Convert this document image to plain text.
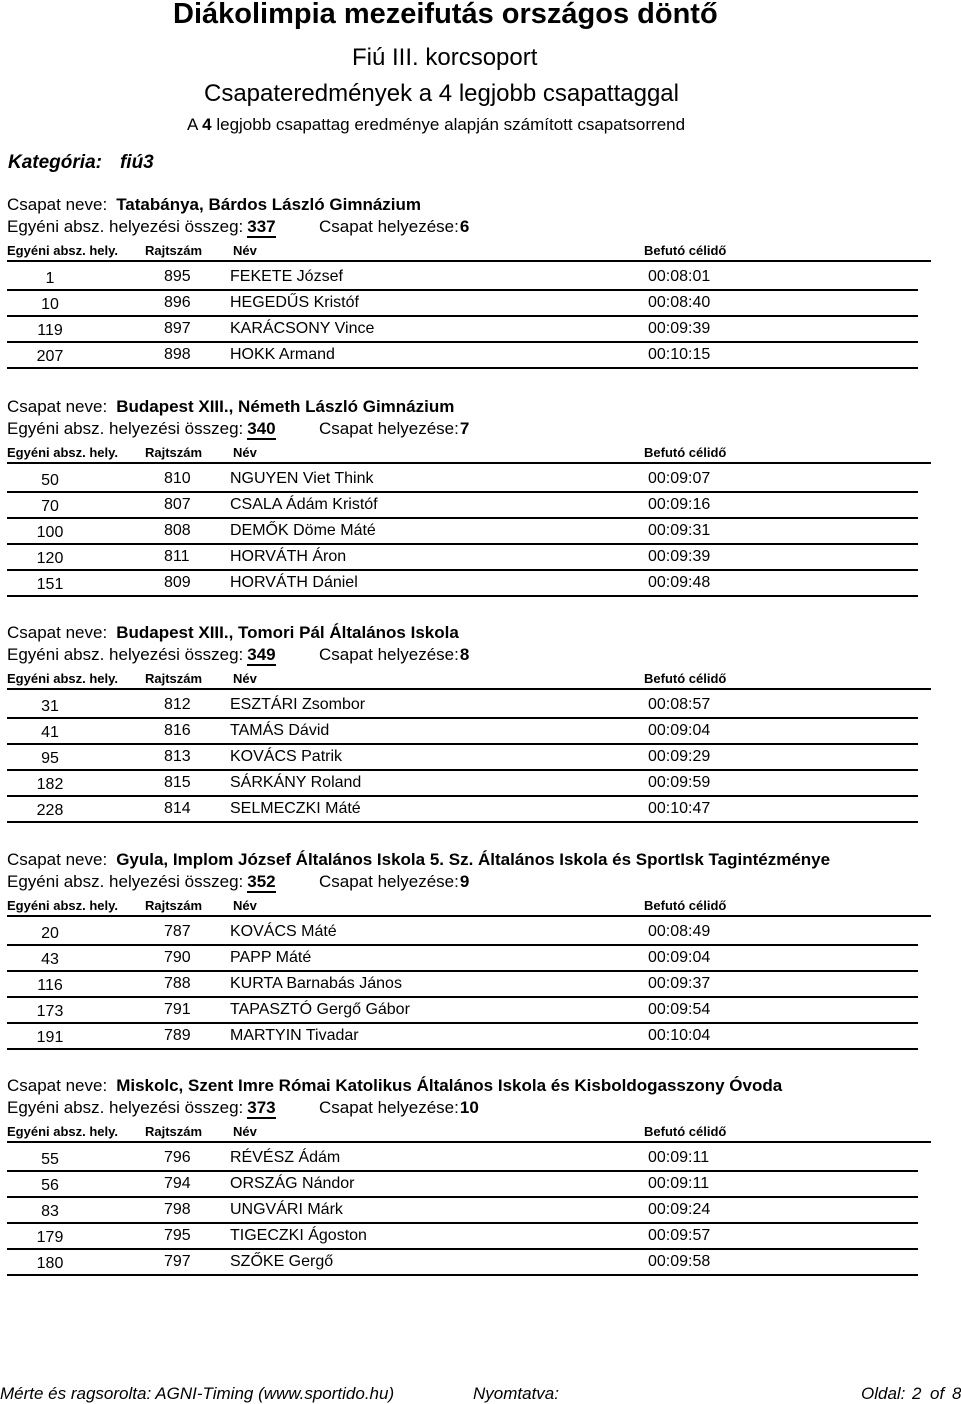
Diákolimpia mezeifutás országos döntő
Fiú III. korcsoport
Csapateredmények a 4 legjobb csapattaggal
A 4 legjobb csapattag eredménye alapján számított csapatsorrend
Kategória: fiú3
Csapat neve: Tatabánya, Bárdos László Gimnázium
Egyéni absz. helyezési összeg: 337	Csapat helyezése:6
Egyéni absz. hely. Rajtszám Név	Befutó célidő
1	895 FEKETE József	00:08:01
10	896 HEGEDŰS Kristóf	00:08:40
119	897 KARÁCSONY Vince	00:09:39
207	898 HOKK Armand	00:10:15
Csapat neve: Budapest XIII., Németh László Gimnázium
Egyéni absz. helyezési összeg: 340	Csapat helyezése:7
Egyéni absz. hely. Rajtszám Név	Befutó célidő
50	810 NGUYEN Viet Think	00:09:07
70	807 CSALA Ádám Kristóf	00:09:16
100	808 DEMŐK Döme Máté	00:09:31
120	811	HORVÁTH Áron	00:09:39
151	809 HORVÁTH Dániel	00:09:48
Csapat neve: Budapest XIII., Tomori Pál Általános Iskola
Egyéni absz. helyezési összeg: 349	Csapat helyezése:8
Egyéni absz. hely. Rajtszám Név	Befutó célidő
31	812 ESZTÁRI Zsombor	00:08:57
41	816 TAMÁS Dávid	00:09:04
95	813 KOVÁCS Patrik	00:09:29
182	815 SÁRKÁNY Roland	00:09:59
228	814 SELMECZKI Máté	00:10:47
Csapat neve: Gyula, Implom József Általános Iskola 5. Sz. Általános Iskola és SportIsk Tagintézménye
Egyéni absz. helyezési összeg: 352	Csapat helyezése:9
Egyéni absz. hely. Rajtszám Név	Befutó célidő
20	787 KOVÁCS Máté	00:08:49
43	790 PAPP Máté	00:09:04
116	788 KURTA Barnabás János	00:09:37
173	791 TAPASZTÓ Gergő Gábor	00:09:54
191	789 MARTYIN Tivadar	00:10:04
Csapat neve: Miskolc, Szent Imre Római Katolikus Általános Iskola és Kisboldogasszony Óvoda
Egyéni absz. helyezési összeg: 373	Csapat helyezése:10
Egyéni absz. hely. Rajtszám Név	Befutó célidő
55	796 RÉVÉSZ Ádám	00:09:11
56	794 ORSZÁG Nándor	00:09:11
83	798 UNGVÁRI Márk	00:09:24
179	795 TIGECZKI Ágoston	00:09:57
180	797 SZŐKE Gergő	00:09:58
Mérte és ragsorolta: AGNI-Timing (www.sportido.hu)	Nyomtatva:	Oldal: 2 of 8
